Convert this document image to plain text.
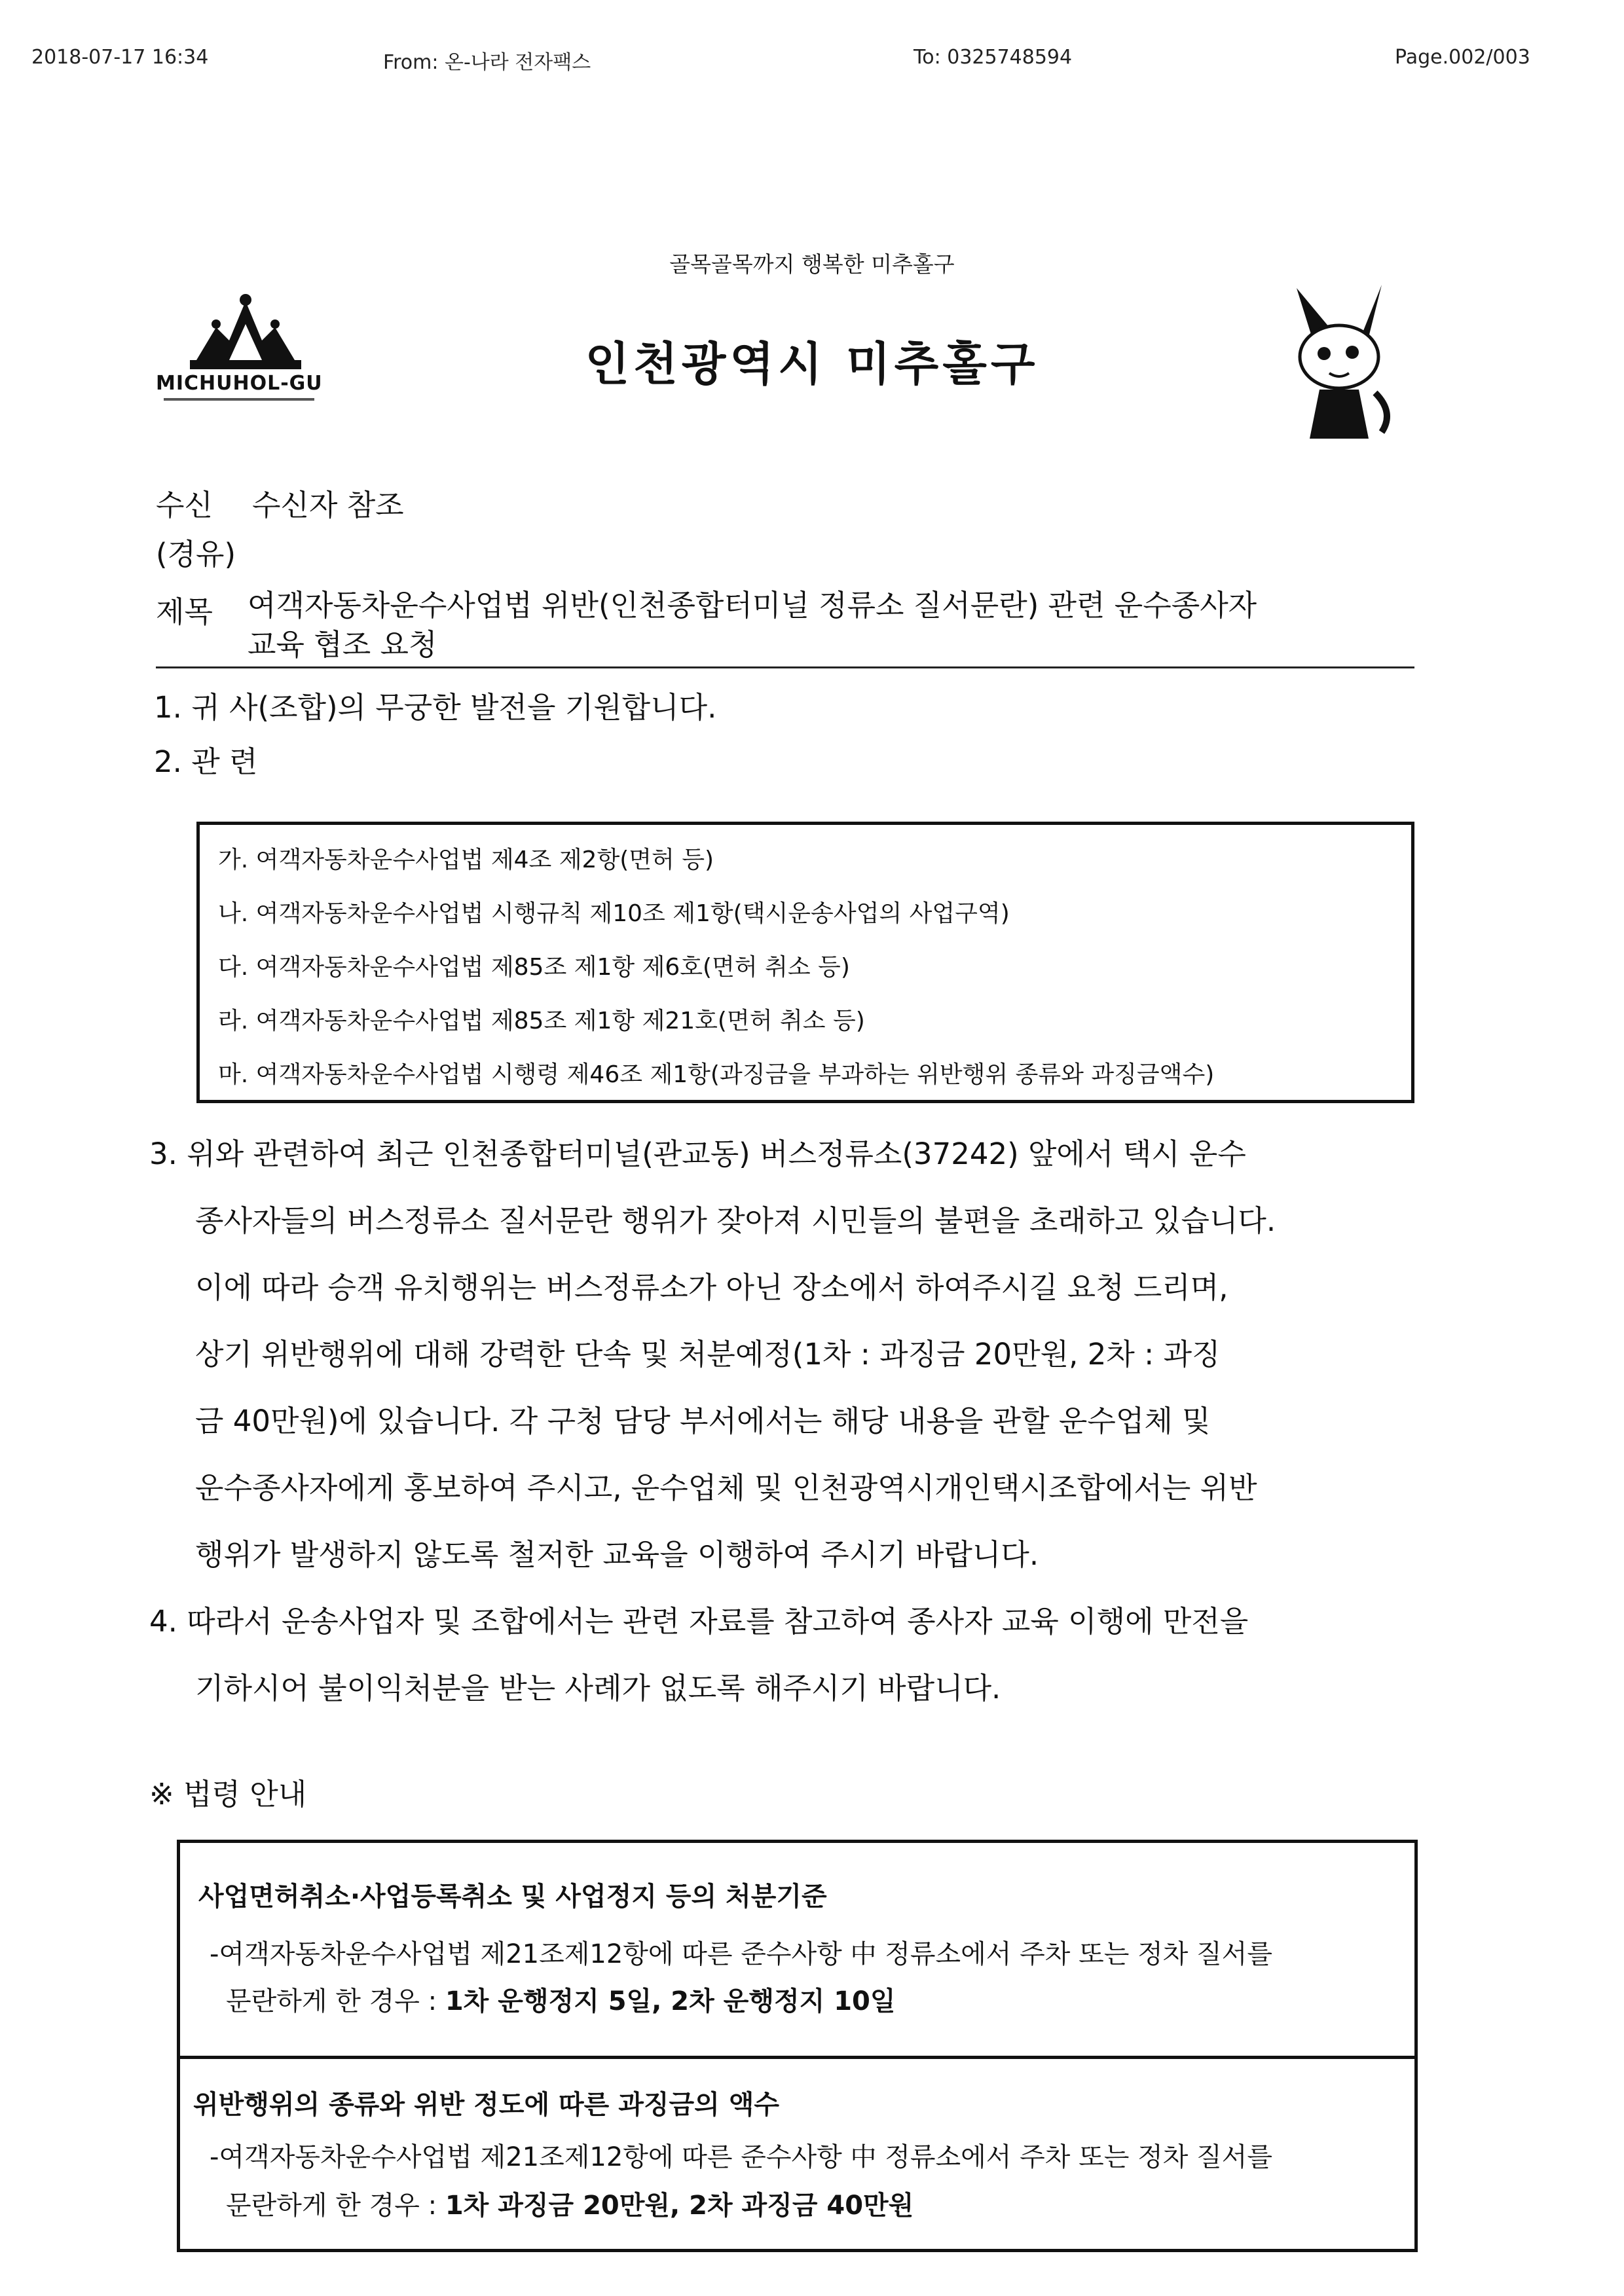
2018-07-17 16:34	From: 온-나라 전자팩스	To: 0325748594	Page.002/003
골목골목까지 행복한 미추홀구
MICHUHOL-GU	인천광역시 미추홀구
수신 수신자 참조
(경유)
제목 여객자동차운수사업법 위반(인천종합터미널 정류소 질서문란) 관련 운수종사자
교육 협조 요청
1. 귀 사(조합)의 무궁한 발전을 기원합니다.
2. 관 련
가. 여객자동차운수사업법 제4조 제2항(면허 등)
나. 여객자동차운수사업법 시행규칙 제10조 제1항(택시운송사업의 사업구역)
다. 여객자동차운수사업법 제85조 제1항 제6호(면허 취소 등)
라. 여객자동차운수사업법 제85조 제1항 제21호(면허 취소 등)
마. 여객자동차운수사업법 시행령 제46조 제1항(과징금을 부과하는 위반행위 종류와 과징금액수)
3. 위와 관련하여 최근 인천종합터미널(관교동) 버스정류소(37242) 앞에서 택시 운수
종사자들의 버스정류소 질서문란 행위가 잦아져 시민들의 불편을 초래하고 있습니다.
이에 따라 승객 유치행위는 버스정류소가 아닌 장소에서 하여주시길 요청 드리며,
상기 위반행위에 대해 강력한 단속 및 처분예정(1차 : 과징금 20만원, 2차 : 과징
금 40만원)에 있습니다. 각 구청 담당 부서에서는 해당 내용을 관할 운수업체 및
운수종사자에게 홍보하여 주시고, 운수업체 및 인천광역시개인택시조합에서는 위반
행위가 발생하지 않도록 철저한 교육을 이행하여 주시기 바랍니다.
4. 따라서 운송사업자 및 조합에서는 관련 자료를 참고하여 종사자 교육 이행에 만전을
기하시어 불이익처분을 받는 사례가 없도록 해주시기 바랍니다.
※ 법령 안내
사업면허취소·사업등록취소 및 사업정지 등의 처분기준
-여객자동차운수사업법 제21조제12항에 따른 준수사항 中 정류소에서 주차 또는 정차 질서를
문란하게 한 경우 : 1차 운행정지 5일, 2차 운행정지 10일
위반행위의 종류와 위반 정도에 따른 과징금의 액수
-여객자동차운수사업법 제21조제12항에 따른 준수사항 中 정류소에서 주차 또는 정차 질서를
문란하게 한 경우 : 1차 과징금 20만원, 2차 과징금 40만원
